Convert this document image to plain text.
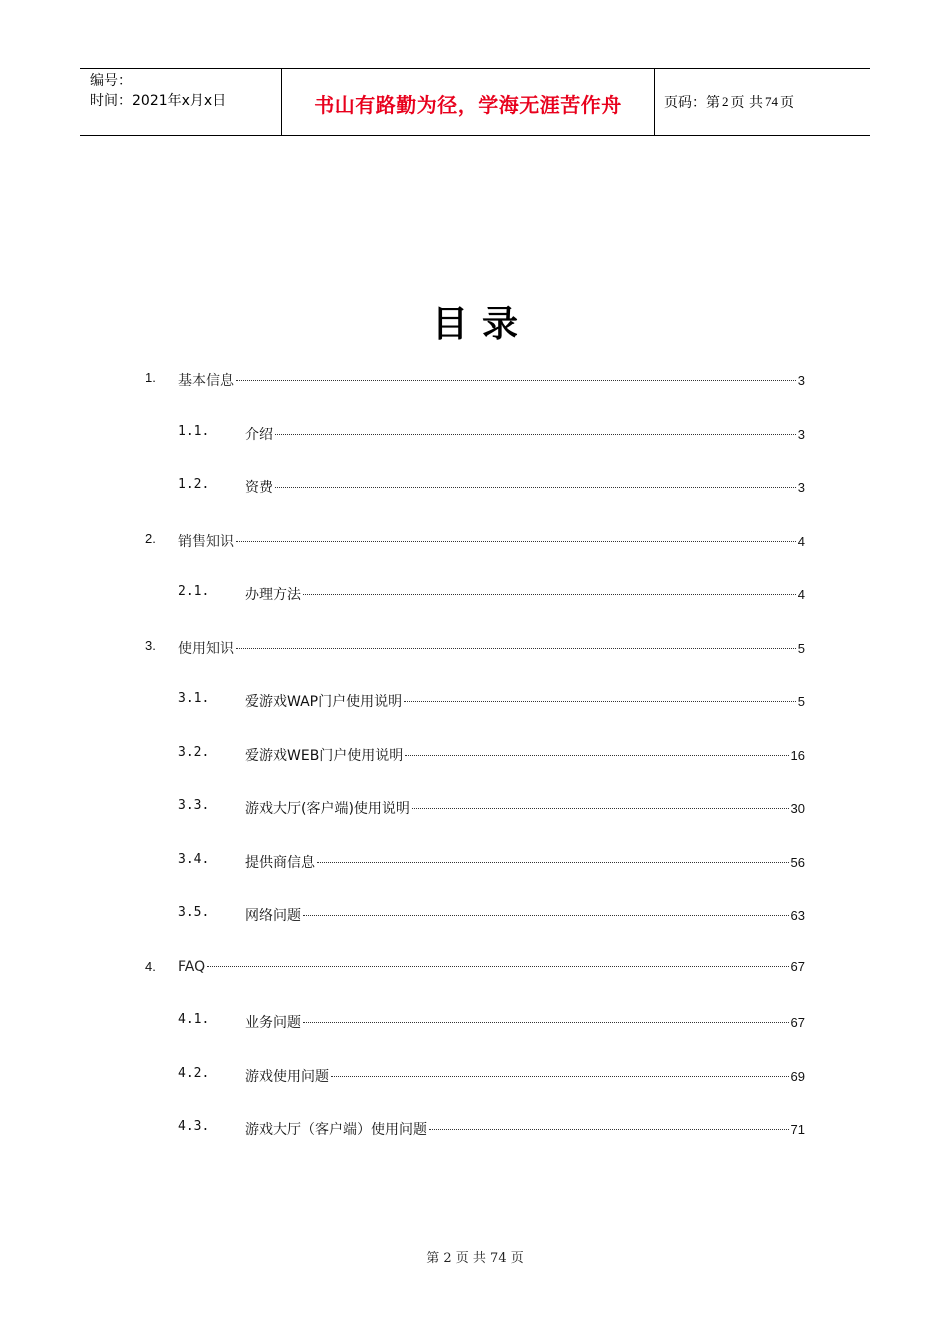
编号：
时间：2021年x月x日	书山有路勤为径，学海无涯苦作舟	页码：第 2 页 共 74 页
目录
1. 基本信息	3
1.1.	介绍	3
1.2.	资费	3
2. 销售知识	4
2.1.	办理方法	4
3. 使用知识	5
3.1.	爱游戏WAP门户使用说明	5
3.2.	爱游戏WEB门户使用说明	16
3.3.	游戏大厅(客户端)使用说明	30
3.4.	提供商信息	56
3.5.	网络问题	63
4. FAQ	67
4.1.	业务问题	67
4.2.	游戏使用问题	69
4.3.	游戏大厅（客户端）使用问题	71
第 2 页 共 74 页
